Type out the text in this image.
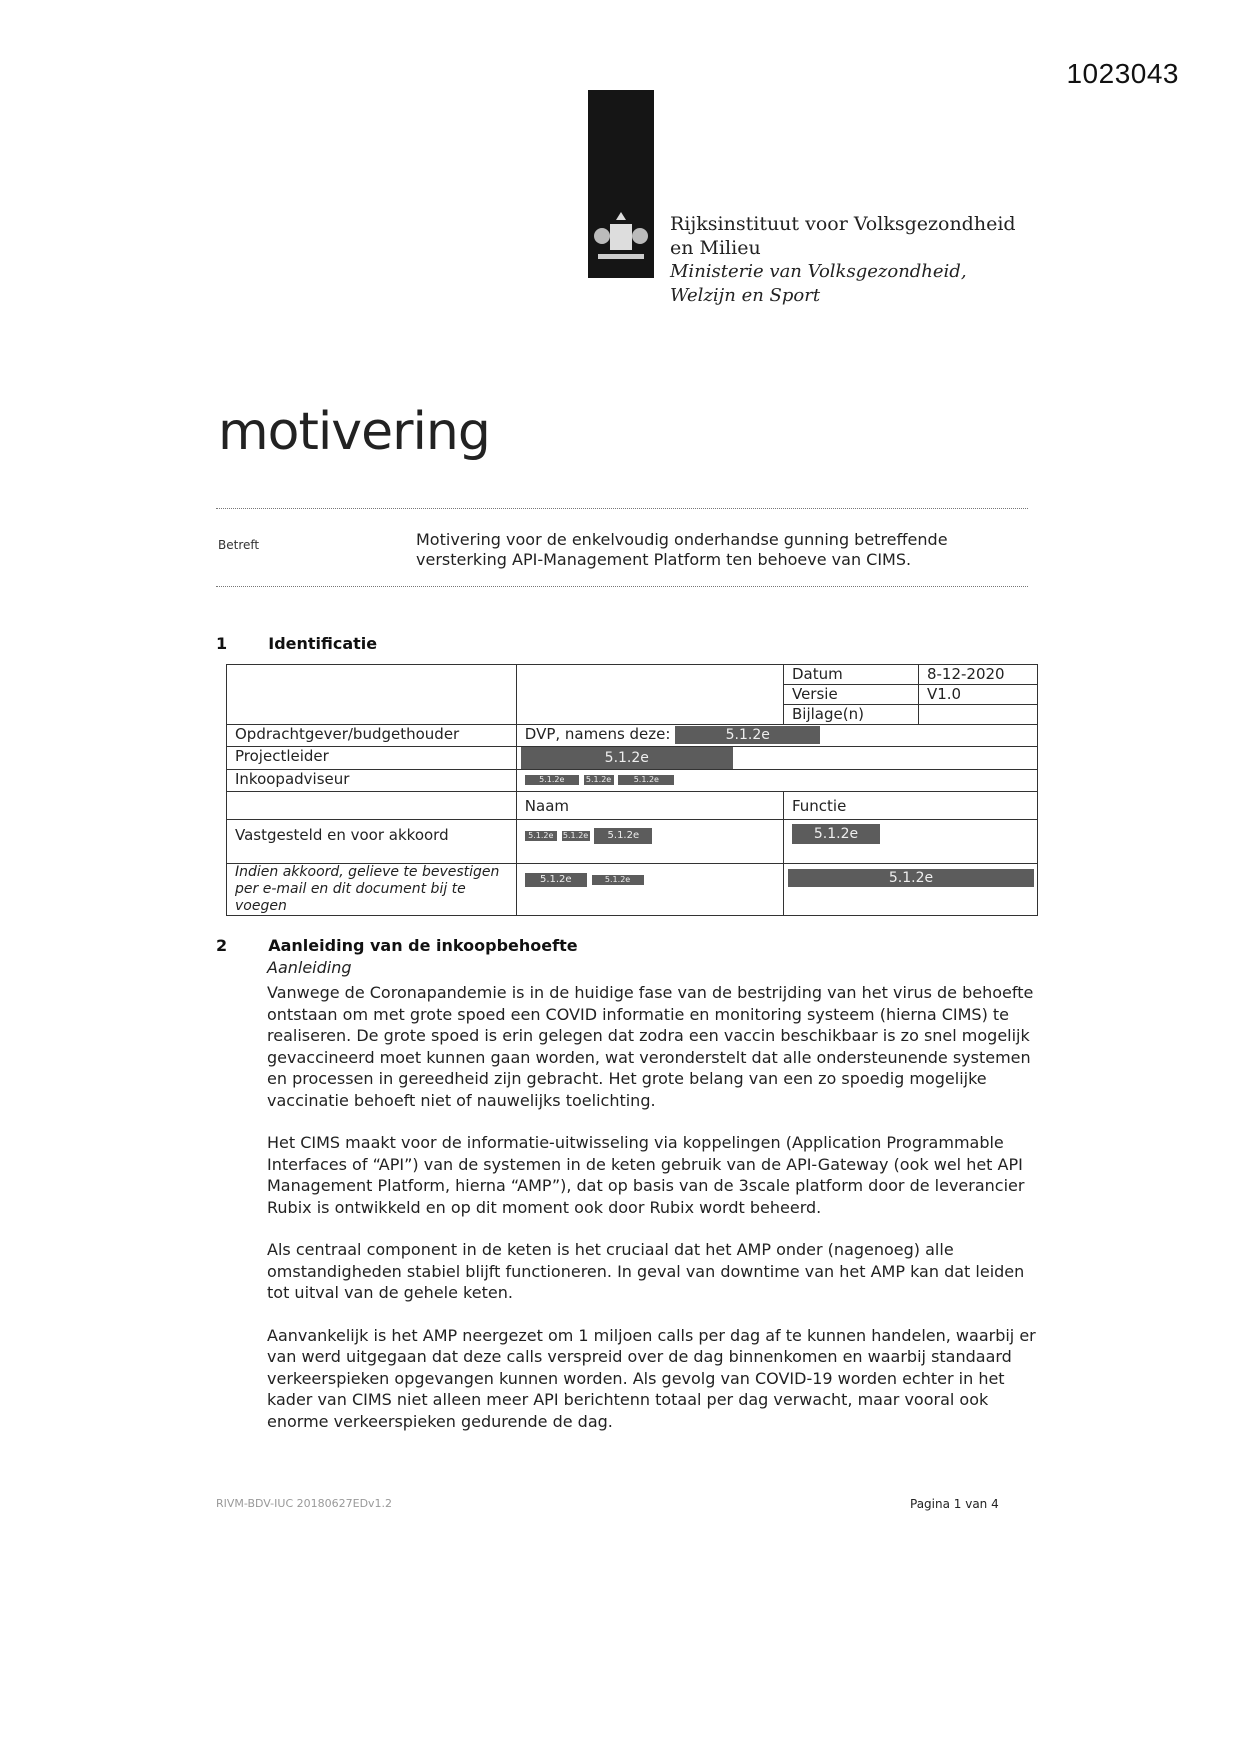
1023043
Rijksinstituut voor Volksgezondheid
en Milieu
Ministerie van Volksgezondheid,
Welzijn en Sport
motivering
Betreft	Motivering voor de enkelvoudig onderhandse gunning betreffende versterking API-Management Platform ten behoeve van CIMS.
1	Identificatie
		Datum	8-12-2020
		Versie	V1.0
		Bijlage(n)	
Opdrachtgever/budgethouder	DVP, namens deze: 5.1.2e		
Projectleider	5.1.2e		
Inkoopadviseur	5.1.2e 5.1.2e 5.1.2e		
	Naam	Functie	
Vastgesteld en voor akkoord	5.1.2e 5.1.2e 5.1.2e	5.1.2e	
Indien akkoord, gelieve te bevestigen per e-mail en dit document bij te voegen	5.1.2e 5.1.2e	5.1.2e	
2	Aanleiding van de inkoopbehoefte
Aanleiding

Vanwege de Coronapandemie is in de huidige fase van de bestrijding van het virus de behoefte ontstaan om met grote spoed een COVID informatie en monitoring systeem (hierna CIMS) te realiseren. De grote spoed is erin gelegen dat zodra een vaccin beschikbaar is zo snel mogelijk gevaccineerd moet kunnen gaan worden, wat veronderstelt dat alle ondersteunende systemen en processen in gereedheid zijn gebracht. Het grote belang van een zo spoedig mogelijke vaccinatie behoeft niet of nauwelijks toelichting.

Het CIMS maakt voor de informatie-uitwisseling via koppelingen (Application Programmable Interfaces of “API”) van de systemen in de keten gebruik van de API-Gateway (ook wel het API Management Platform, hierna “AMP”), dat op basis van de 3scale platform door de leverancier Rubix is ontwikkeld en op dit moment ook door Rubix wordt beheerd.

Als centraal component in de keten is het cruciaal dat het AMP onder (nagenoeg) alle omstandigheden stabiel blijft functioneren. In geval van downtime van het AMP kan dat leiden tot uitval van de gehele keten.

Aanvankelijk is het AMP neergezet om 1 miljoen calls per dag af te kunnen handelen, waarbij er van werd uitgegaan dat deze calls verspreid over de dag binnenkomen en waarbij standaard verkeerspieken opgevangen kunnen worden. Als gevolg van COVID-19 worden echter in het kader van CIMS niet alleen meer API berichtenn totaal per dag verwacht, maar vooral ook enorme verkeerspieken gedurende de dag.

RIVM-BDV-IUC 20180627EDv1.2	Pagina 1 van 4
